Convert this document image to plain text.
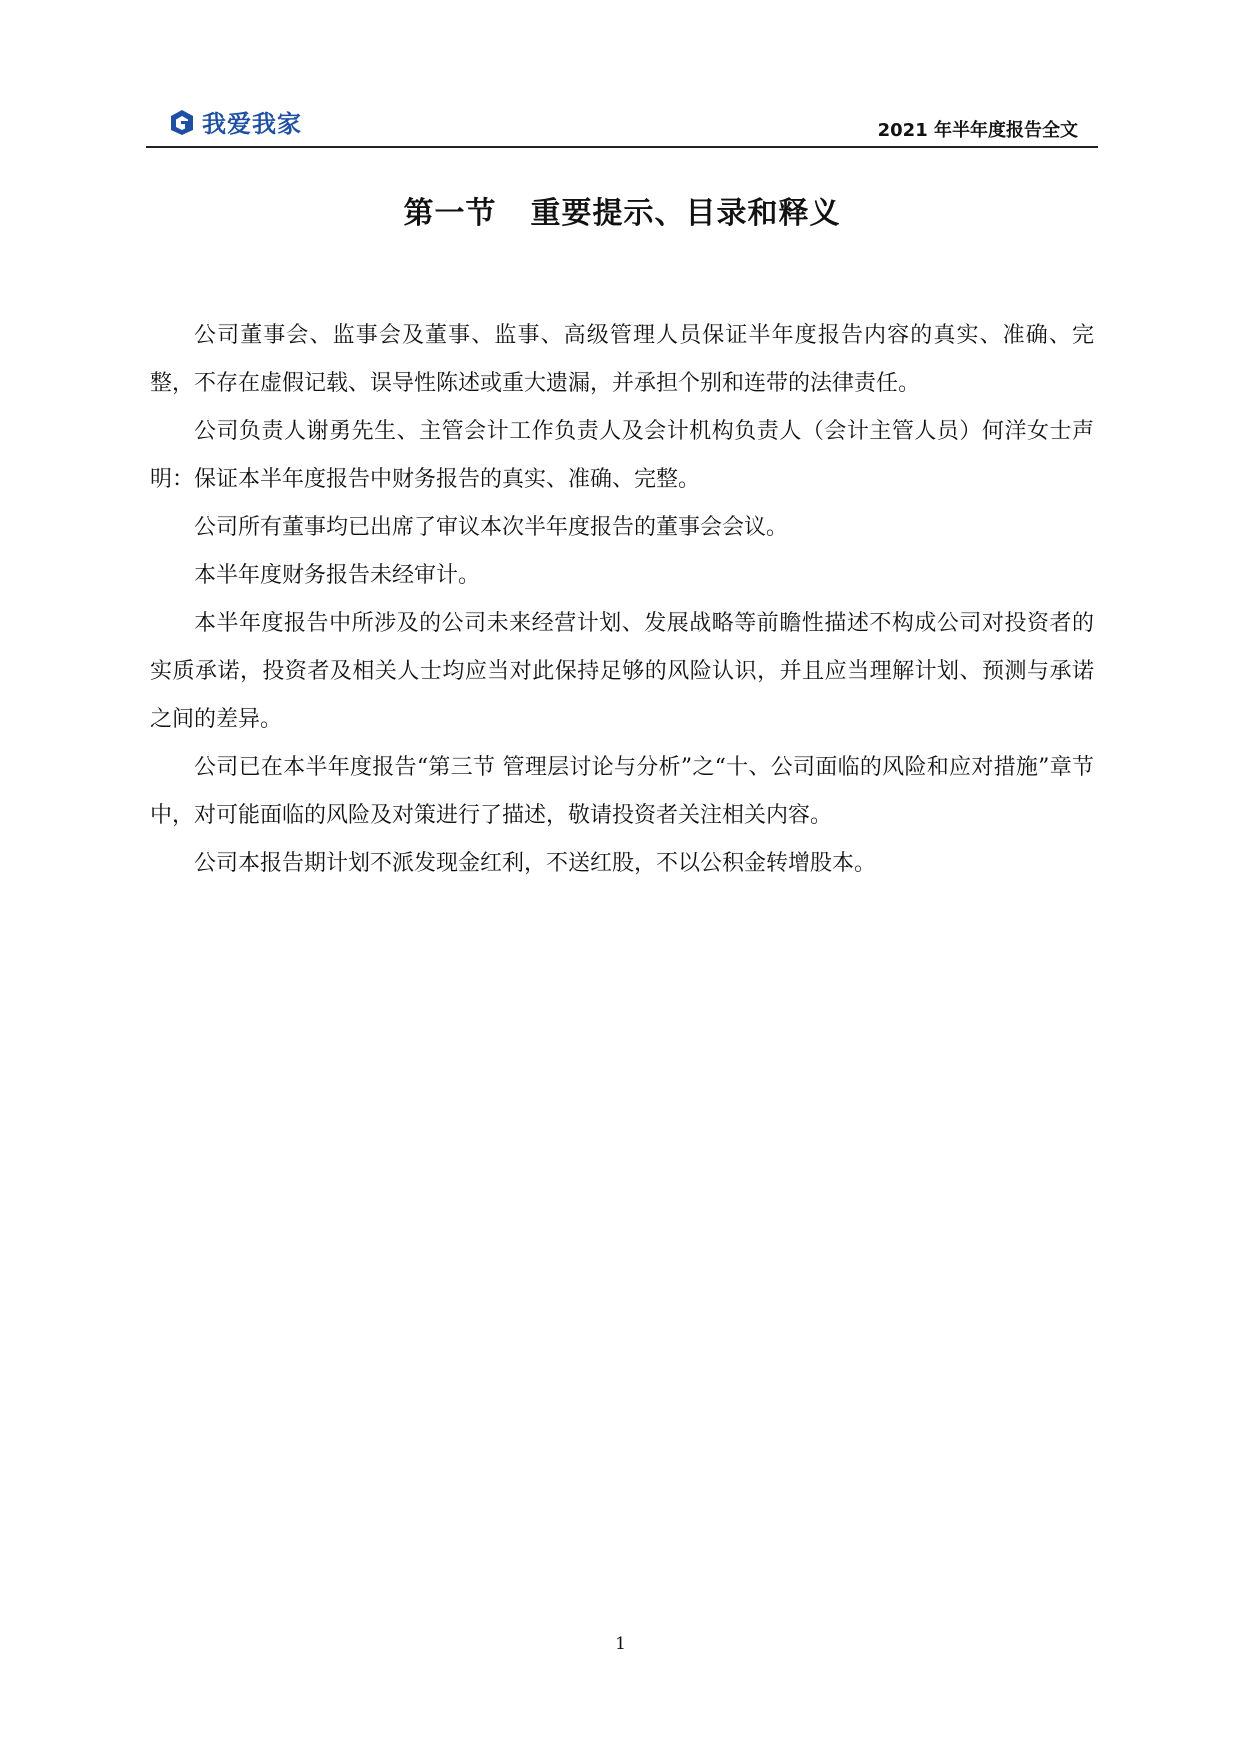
我爱我家	2021 年半年度报告全文
第一节 重要提示、目录和释义

公司董事会、监事会及董事、监事、高级管理人员保证半年度报告内容的真实、准确、完整，不存在虚假记载、误导性陈述或重大遗漏，并承担个别和连带的法律责任。

公司负责人谢勇先生、主管会计工作负责人及会计机构负责人（会计主管人员）何洋女士声明：保证本半年度报告中财务报告的真实、准确、完整。

公司所有董事均已出席了审议本次半年度报告的董事会会议。

本半年度财务报告未经审计。

本半年度报告中所涉及的公司未来经营计划、发展战略等前瞻性描述不构成公司对投资者的实质承诺，投资者及相关人士均应当对此保持足够的风险认识，并且应当理解计划、预测与承诺之间的差异。

公司已在本半年度报告“第三节 管理层讨论与分析”之“十、公司面临的风险和应对措施”章节中，对可能面临的风险及对策进行了描述，敬请投资者关注相关内容。

公司本报告期计划不派发现金红利，不送红股，不以公积金转增股本。

1
